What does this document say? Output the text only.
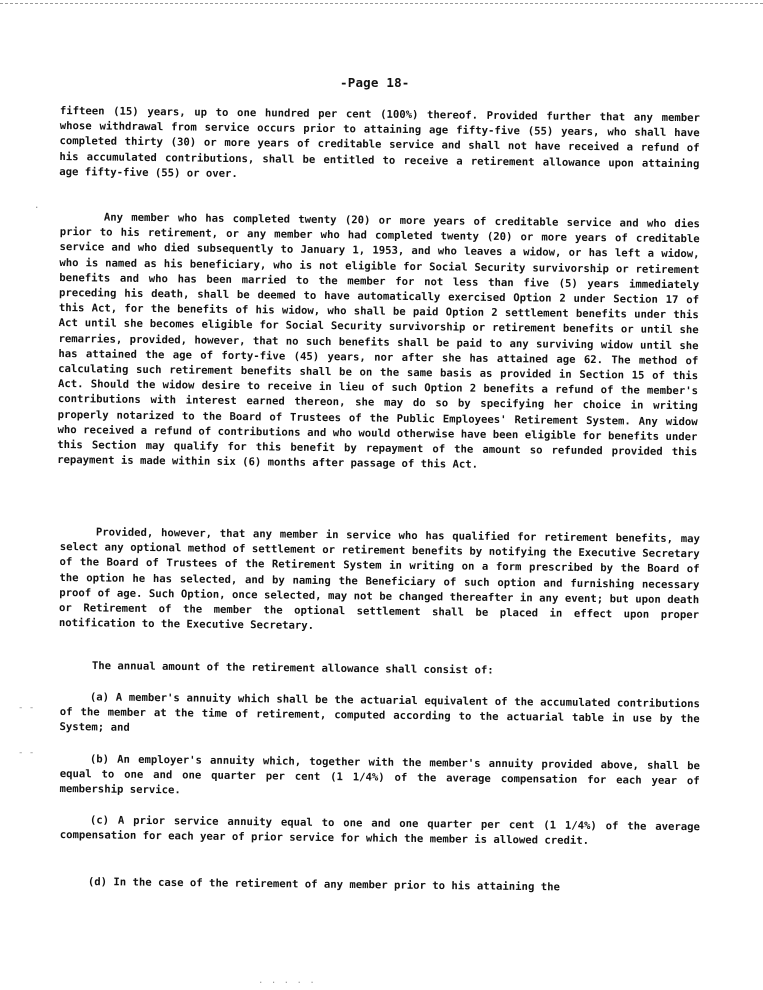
-Page 18-
fifteen (15) years, up to one hundred per cent (100%) thereof. Provided further that any member whose withdrawal from service occurs prior to attaining age fifty-five (55) years, who shall have completed thirty (30) or more years of creditable service and shall not have received a refund of his accumulated contributions, shall be entitled to receive a retirement allowance upon attaining age fifty-five (55) or over.
Any member who has completed twenty (20) or more years of creditable service and who dies prior to his retirement, or any member who had completed twenty (20) or more years of creditable service and who died subsequently to January 1, 1953, and who leaves a widow, or has left a widow, who is named as his beneficiary, who is not eligible for Social Security survivorship or retirement benefits and who has been married to the member for not less than five (5) years immediately preceding his death, shall be deemed to have automatically exercised Option 2 under Section 17 of this Act, for the benefits of his widow, who shall be paid Option 2 settlement benefits under this Act until she becomes eligible for Social Security survivorship or retirement benefits or until she remarries, provided, however, that no such benefits shall be paid to any surviving widow until she has attained the age of forty-five (45) years, nor after she has attained age 62. The method of calculating such retirement benefits shall be on the same basis as provided in Section 15 of this Act. Should the widow desire to receive in lieu of such Option 2 benefits a refund of the member's contributions with interest earned thereon, she may do so by specifying her choice in writing properly notarized to the Board of Trustees of the Public Employees' Retirement System. Any widow who received a refund of contributions and who would otherwise have been eligible for benefits under this Section may qualify for this benefit by repayment of the amount so refunded provided this repayment is made within six (6) months after passage of this Act.
Provided, however, that any member in service who has qualified for retirement benefits, may select any optional method of settlement or retirement benefits by notifying the Executive Secretary of the Board of Trustees of the Retirement System in writing on a form prescribed by the Board of the option he has selected, and by naming the Beneficiary of such option and furnishing necessary proof of age. Such Option, once selected, may not be changed thereafter in any event; but upon death or Retirement of the member the optional settlement shall be placed in effect upon proper notification to the Executive Secretary.
The annual amount of the retirement allowance shall consist of:
(a) A member's annuity which shall be the actuarial equivalent of the accumulated contributions of the member at the time of retirement, computed according to the actuarial table in use by the System; and
(b) An employer's annuity which, together with the member's annuity provided above, shall be equal to one and one quarter per cent (1 1/4%) of the average compensation for each year of membership service.
(c) A prior service annuity equal to one and one quarter per cent (1 1/4%) of the average compensation for each year of prior service for which the member is allowed credit.
(d) In the case of the retirement of any member prior to his attaining the
.
- -
- -
. . . . .
